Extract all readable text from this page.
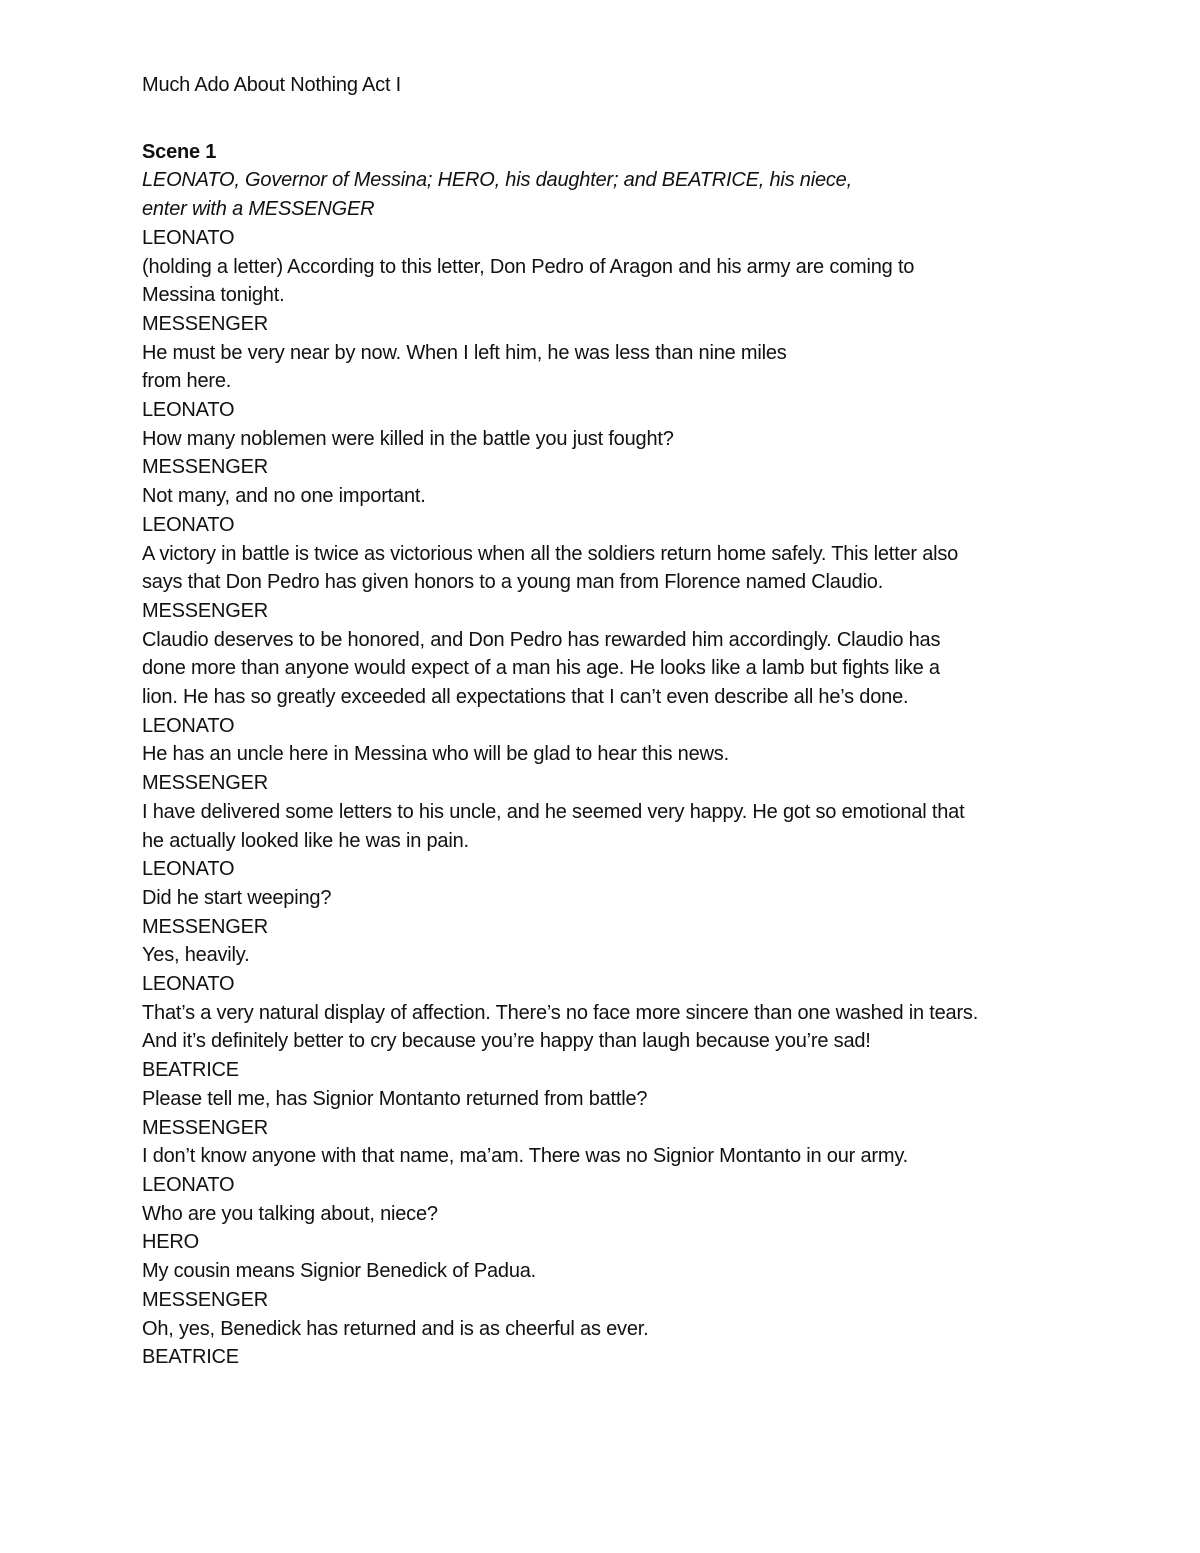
Much Ado About Nothing Act I
Scene 1
LEONATO, Governor of Messina; HERO, his daughter; and BEATRICE, his niece,
enter with a MESSENGER
LEONATO
(holding a letter) According to this letter, Don Pedro of Aragon and his army are coming to
Messina tonight.
MESSENGER
He must be very near by now. When I left him, he was less than nine miles
from here.
LEONATO
How many noblemen were killed in the battle you just fought?
MESSENGER
Not many, and no one important.
LEONATO
A victory in battle is twice as victorious when all the soldiers return home safely. This letter also
says that Don Pedro has given honors to a young man from Florence named Claudio.
MESSENGER
Claudio deserves to be honored, and Don Pedro has rewarded him accordingly. Claudio has
done more than anyone would expect of a man his age. He looks like a lamb but fights like a
lion. He has so greatly exceeded all expectations that I can’t even describe all he’s done.
LEONATO
He has an uncle here in Messina who will be glad to hear this news.
MESSENGER
I have delivered some letters to his uncle, and he seemed very happy. He got so emotional that
he actually looked like he was in pain.
LEONATO
Did he start weeping?
MESSENGER
Yes, heavily.
LEONATO
That’s a very natural display of affection. There’s no face more sincere than one washed in tears.
And it’s definitely better to cry because you’re happy than laugh because you’re sad!
BEATRICE
Please tell me, has Signior Montanto returned from battle?
MESSENGER
I don’t know anyone with that name, ma’am. There was no Signior Montanto in our army.
LEONATO
Who are you talking about, niece?
HERO
My cousin means Signior Benedick of Padua.
MESSENGER
Oh, yes, Benedick has returned and is as cheerful as ever.
BEATRICE
